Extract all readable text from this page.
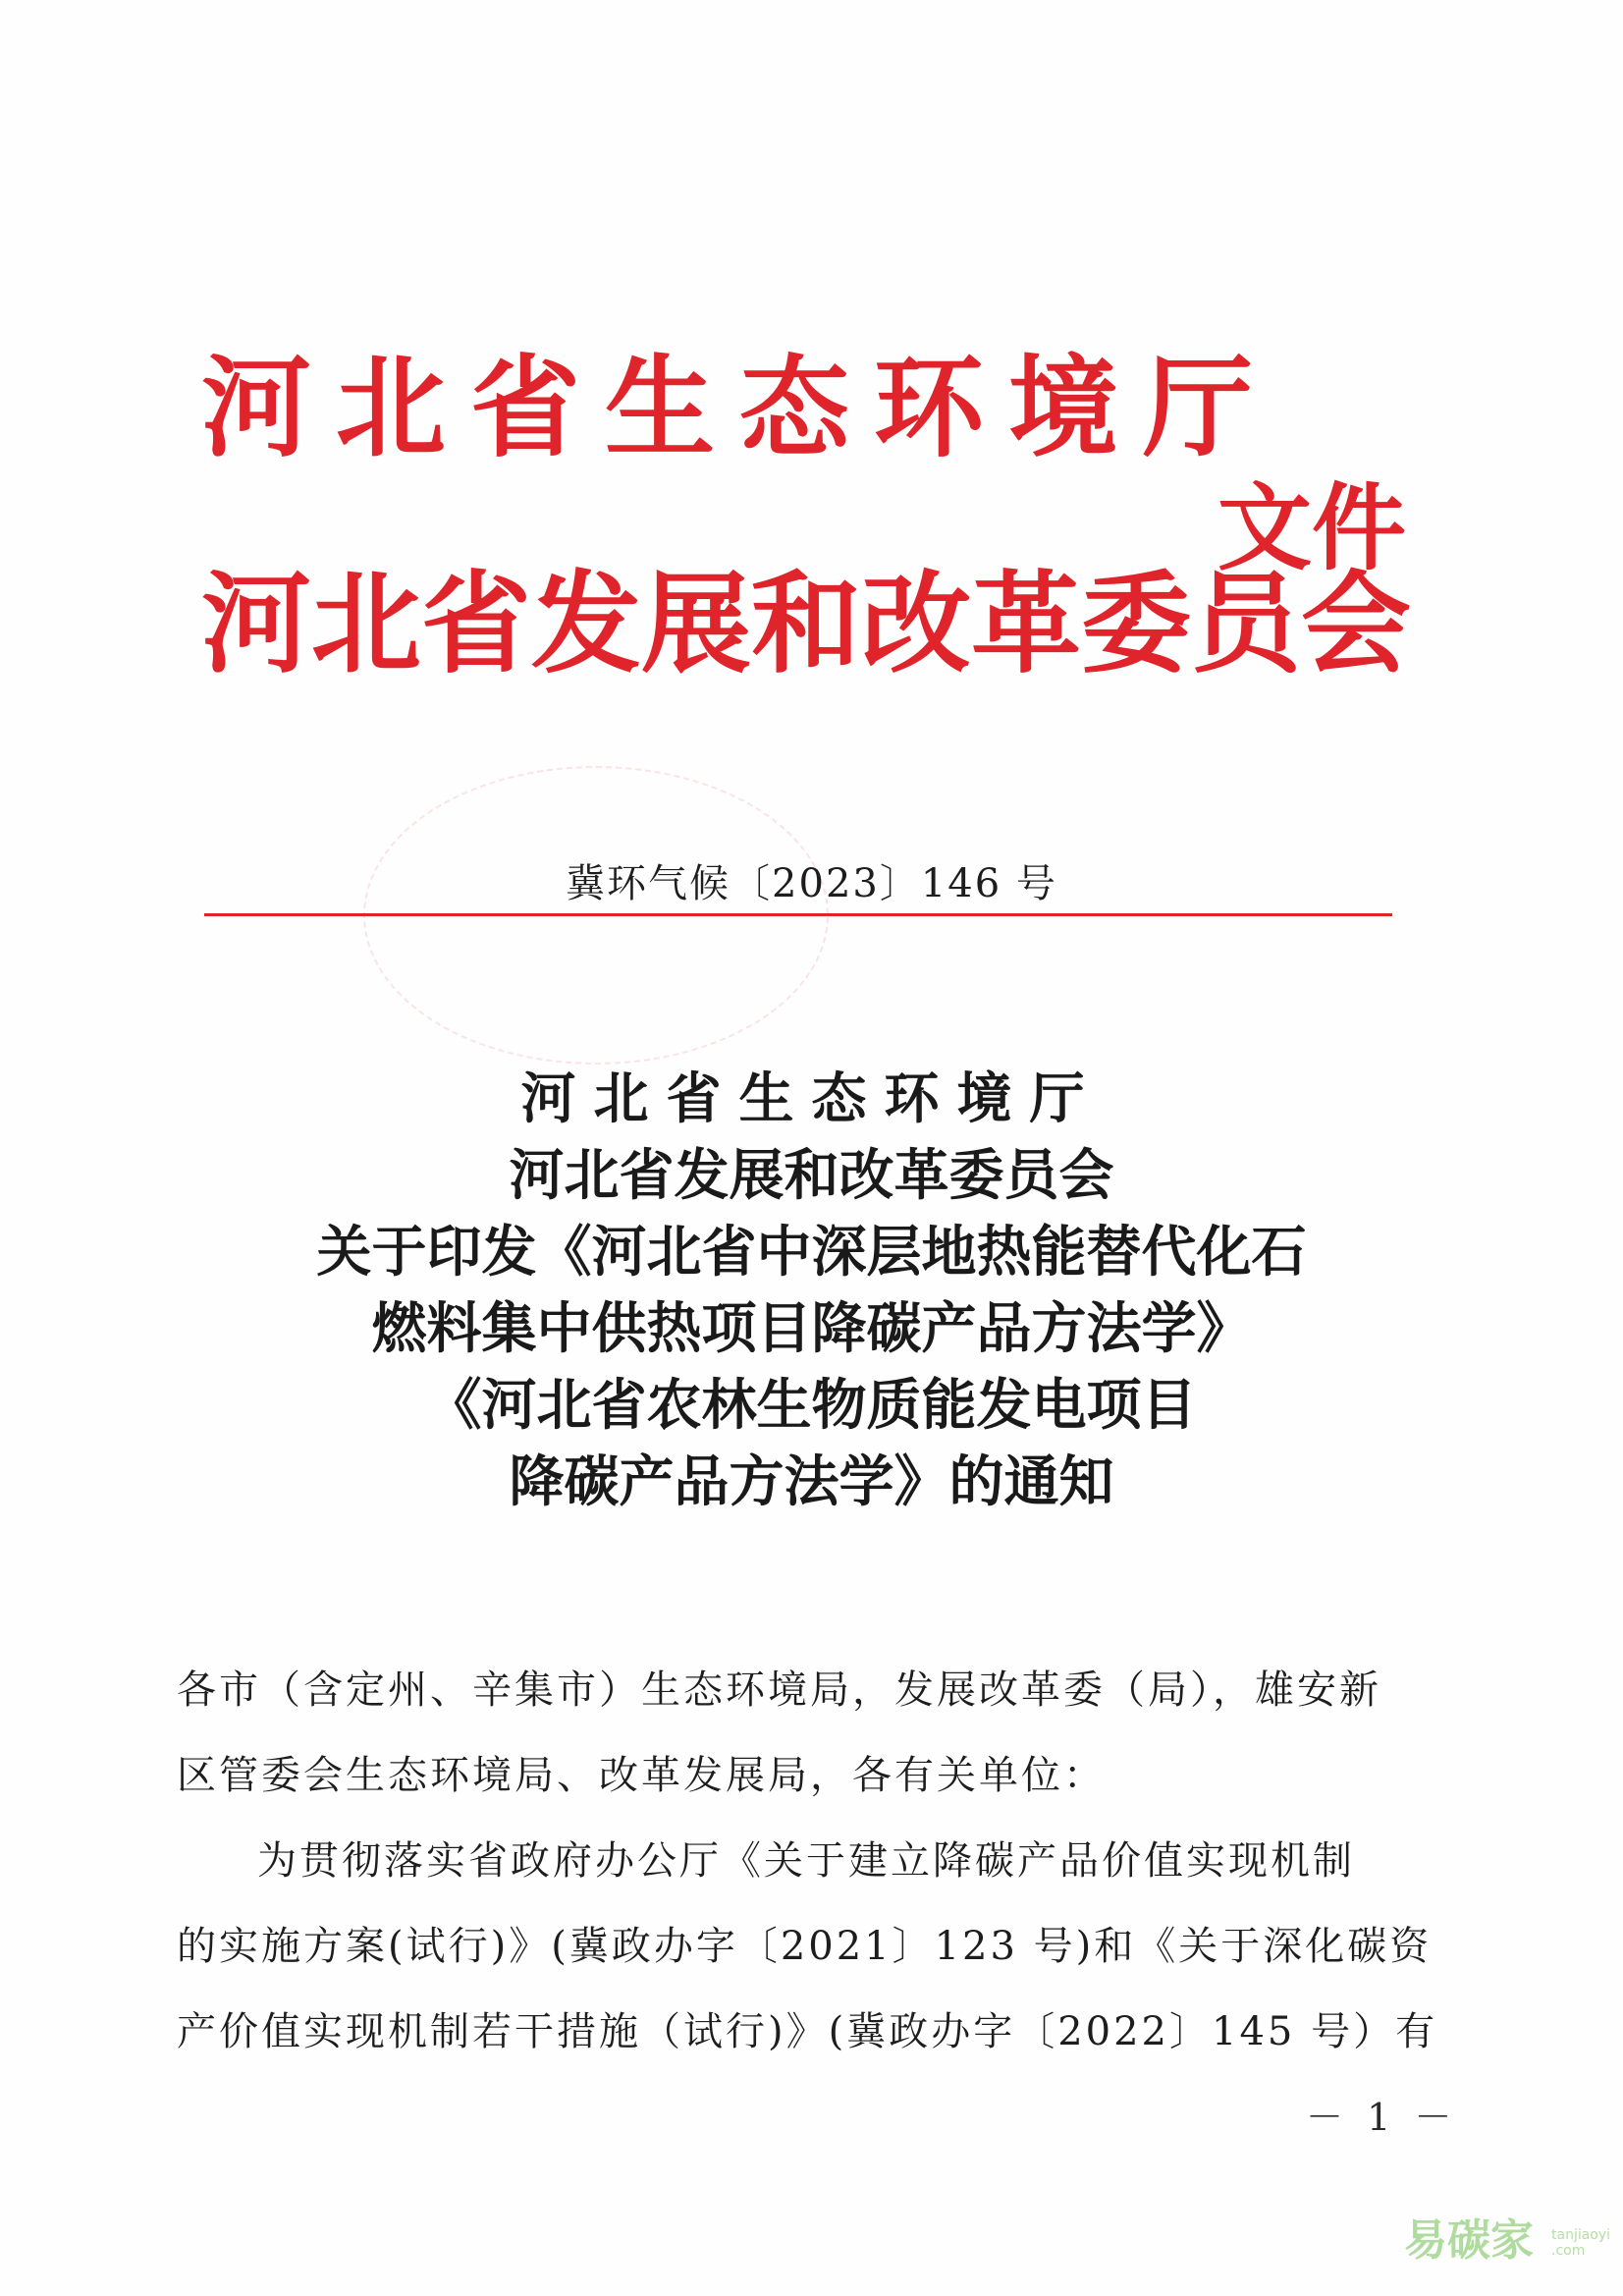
河北省生态环境厅
河北省发展和改革委员会
文件
冀环气候〔2023〕146 号
河北省生态环境厅
河北省发展和改革委员会
关于印发《河北省中深层地热能替代化石
燃料集中供热项目降碳产品方法学》
《河北省农林生物质能发电项目
降碳产品方法学》的通知

各市（含定州、辛集市）生态环境局，发展改革委（局），雄安新

区管委会生态环境局、改革发展局，各有关单位：

为贯彻落实省政府办公厅《关于建立降碳产品价值实现机制

的实施方案(试行)》(冀政办字〔2021〕123 号)和《关于深化碳资

产价值实现机制若干措施（试行)》(冀政办字〔2022〕145 号）有

－ 1 －
易碳家 tanjiaoyi
.com
